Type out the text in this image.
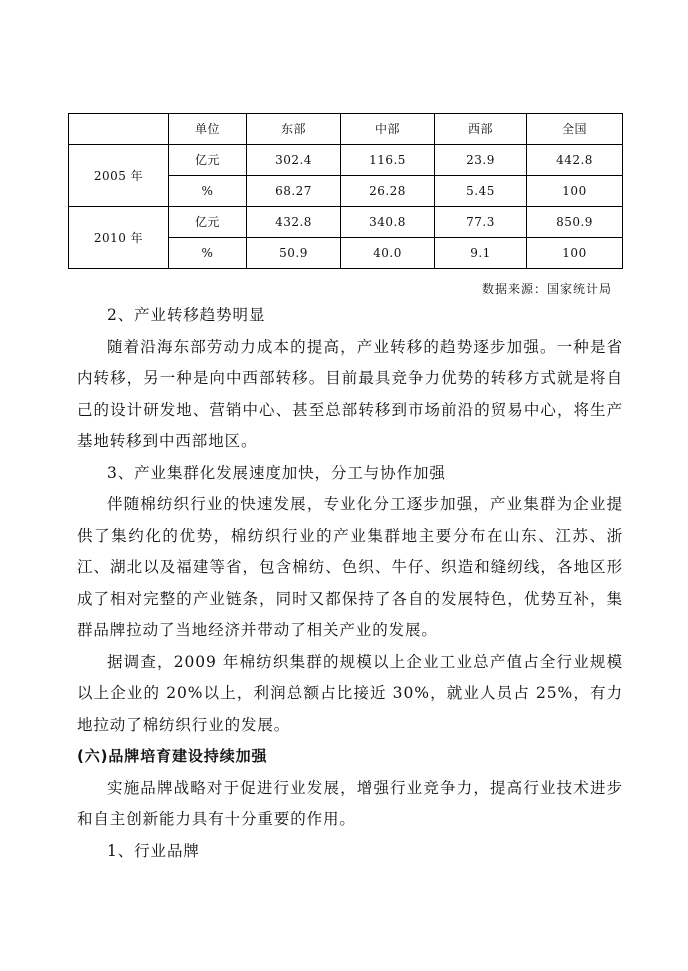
	单位	东部	中部	西部	全国
2005 年	亿元	302.4	116.5	23.9	442.8
	%	68.27	26.28	5.45	100
2010 年	亿元	432.8	340.8	77.3	850.9
	%	50.9	40.0	9.1	100
数据来源：国家统计局

2、产业转移趋势明显

随着沿海东部劳动力成本的提高，产业转移的趋势逐步加强。一种是省内转移，另一种是向中西部转移。目前最具竞争力优势的转移方式就是将自己的设计研发地、营销中心、甚至总部转移到市场前沿的贸易中心，将生产基地转移到中西部地区。

3、产业集群化发展速度加快，分工与协作加强

伴随棉纺织行业的快速发展，专业化分工逐步加强，产业集群为企业提供了集约化的优势，棉纺织行业的产业集群地主要分布在山东、江苏、浙江、湖北以及福建等省，包含棉纺、色织、牛仔、织造和缝纫线，各地区形成了相对完整的产业链条，同时又都保持了各自的发展特色，优势互补，集群品牌拉动了当地经济并带动了相关产业的发展。

据调查，2009 年棉纺织集群的规模以上企业工业总产值占全行业规模以上企业的 20%以上，利润总额占比接近 30%，就业人员占 25%，有力地拉动了棉纺织行业的发展。

(六)品牌培育建设持续加强

实施品牌战略对于促进行业发展，增强行业竞争力，提高行业技术进步和自主创新能力具有十分重要的作用。

1、行业品牌
